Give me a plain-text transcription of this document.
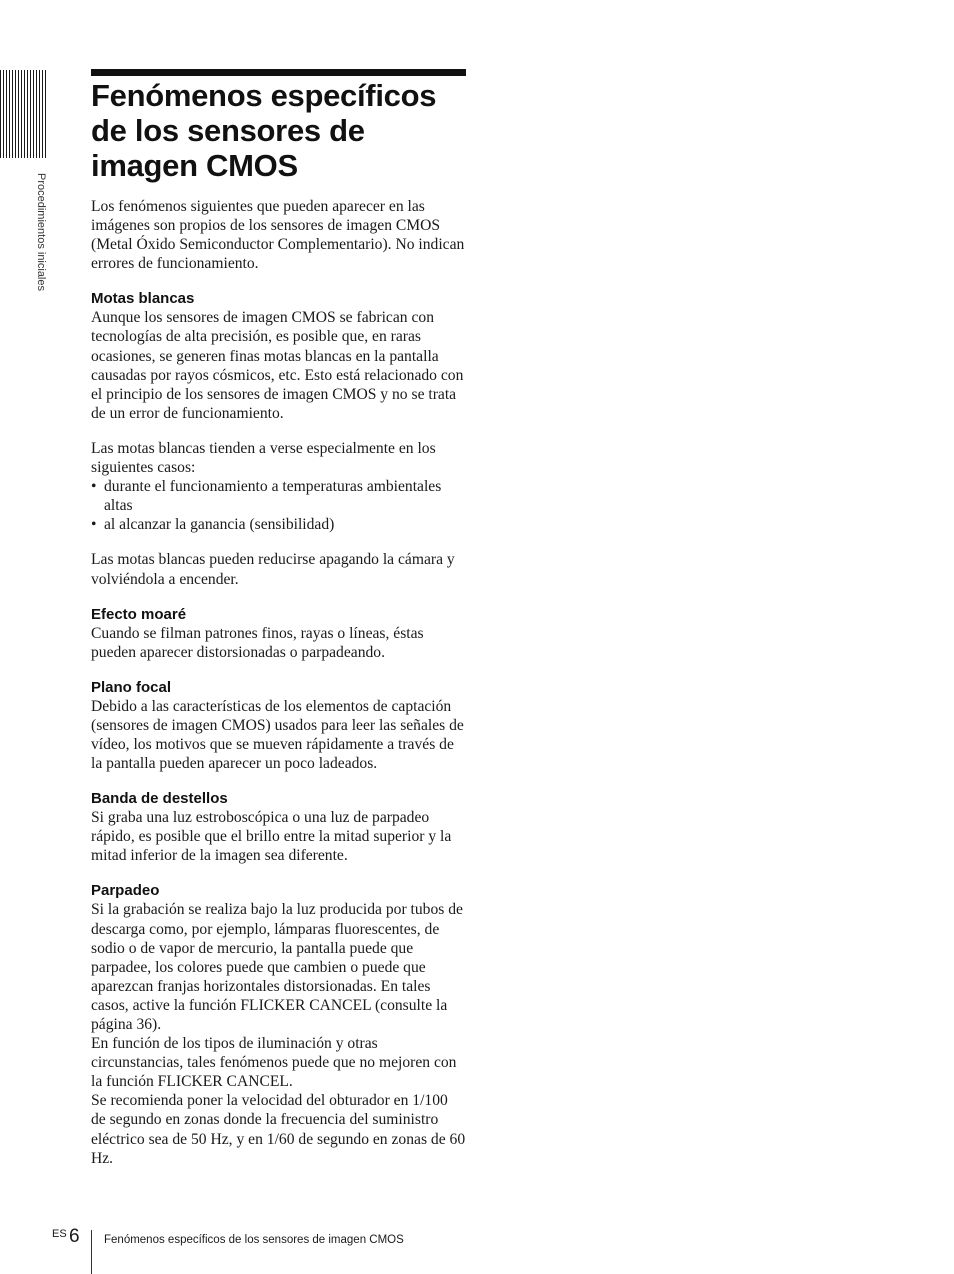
Procedimientos iniciales
Fenómenos específicos de los sensores de imagen CMOS

Los fenómenos siguientes que pueden aparecer en las imágenes son propios de los sensores de imagen CMOS (Metal Óxido Semiconductor Complementario). No indican errores de funcionamiento.

Motas blancas

Aunque los sensores de imagen CMOS se fabrican con tecnologías de alta precisión, es posible que, en raras ocasiones, se generen finas motas blancas en la pantalla causadas por rayos cósmicos, etc. Esto está relacionado con el principio de los sensores de imagen CMOS y no se trata de un error de funcionamiento.

Las motas blancas tienden a verse especialmente en los siguientes casos:

• durante el funcionamiento a temperaturas ambientales altas
• al alcanzar la ganancia (sensibilidad)

Las motas blancas pueden reducirse apagando la cámara y volviéndola a encender.

Efecto moaré

Cuando se filman patrones finos, rayas o líneas, éstas pueden aparecer distorsionadas o parpadeando.

Plano focal

Debido a las características de los elementos de captación (sensores de imagen CMOS) usados para leer las señales de vídeo, los motivos que se mueven rápidamente a través de la pantalla pueden aparecer un poco ladeados.

Banda de destellos

Si graba una luz estroboscópica o una luz de parpadeo rápido, es posible que el brillo entre la mitad superior y la mitad inferior de la imagen sea diferente.

Parpadeo

Si la grabación se realiza bajo la luz producida por tubos de descarga como, por ejemplo, lámparas fluorescentes, de sodio o de vapor de mercurio, la pantalla puede que parpadee, los colores puede que cambien o puede que aparezcan franjas horizontales distorsionadas. En tales casos, active la función FLICKER CANCEL (consulte la página 36).

En función de los tipos de iluminación y otras circunstancias, tales fenómenos puede que no mejoren con la función FLICKER CANCEL.

Se recomienda poner la velocidad del obturador en 1/100 de segundo en zonas donde la frecuencia del suministro eléctrico sea de 50 Hz, y en 1/60 de segundo en zonas de 60 Hz.

ES 6 Fenómenos específicos de los sensores de imagen CMOS
